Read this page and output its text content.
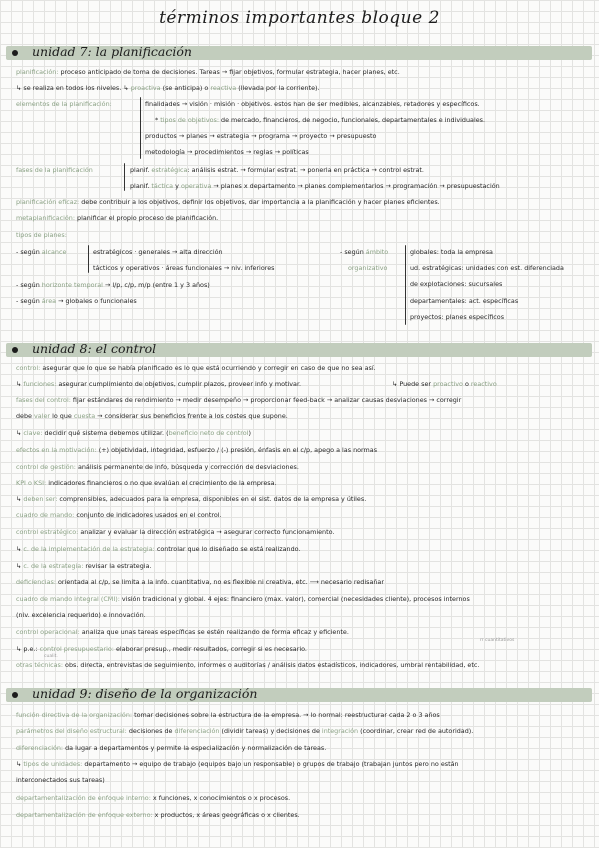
términos importantes bloque 2
unidad 7: la planificación
planificación: proceso anticipado de toma de decisiones. Tareas → fijar objetivos, formular estrategia, hacer planes, etc.
↳ se realiza en todos los niveles. ↳ proactiva (se anticipa) o reactiva (llevada por la corriente).
elementos de la planificación:	finalidades → visión · misión · objetivos. estos han de ser medibles, alcanzables, retadores y específicos.
* tipos de objetivos: de mercado, financieros, de negocio, funcionales, departamentales e individuales.
productos → planes → estrategia → programa → proyecto → presupuesto
metodología → procedimientos → reglas → políticas
fases de la planificación	planif. estratégica: análisis estrat. → formular estrat. → ponerla en práctica → control estrat.
planif. táctica y operativa → planes x departamento → planes complementarios → programación → presupuestación
planificación eficaz: debe contribuir a los objetivos, definir los objetivos, dar importancia a la planificación y hacer planes eficientes.
metaplanificación: planificar el propio proceso de planificación.
tipos de planes:
- según alcance	estratégicos · generales → alta dirección
tácticos y operativos · áreas funcionales → niv. inferiores
- según horizonte temporal → l/p, c/p, m/p (entre 1 y 3 años)
- según área → globales o funcionales
- según ámbito
organizativo
globales: toda la empresa
ud. estratégicas: unidades con est. diferenciada
de explotaciones: sucursales
departamentales: act. específicas
proyectos: planes específicos
unidad 8: el control
control: asegurar que lo que se había planificado es lo que está ocurriendo y corregir en caso de que no sea así.
↳ funciones: asegurar cumplimiento de objetivos, cumplir plazos, proveer info y motivar.	↳ Puede ser proactivo o reactivo
fases del control: fijar estándares de rendimiento → medir desempeño → proporcionar feed-back → analizar causas desviaciones → corregir
debe valer lo que cuesta → considerar sus beneficios frente a los costes que supone.
↳ clave: decidir qué sistema debemos utilizar. (beneficio neto de control)
efectos en la motivación: (+) objetividad, integridad, esfuerzo / (-) presión, énfasis en el c/p, apego a las normas
control de gestión: análisis permanente de info, búsqueda y corrección de desviaciones.
KPI o KSI: indicadores financieros o no que evalúan el crecimiento de la empresa.
↳ deben ser: comprensibles, adecuados para la empresa, disponibles en el sist. datos de la empresa y útiles.
cuadro de mando: conjunto de indicadores usados en el control.
control estratégico: analizar y evaluar la dirección estratégica → asegurar correcto funcionamiento.
↳ c. de la implementación de la estrategia: controlar que lo diseñado se está realizando.
↳ c. de la estrategia: revisar la estrategia.
deficiencias: orientada al c/p, se limita a la info. cuantitativa, no es flexible ni creativa, etc. ⟶ necesario redisañar
cuadro de mando integral (CMI): visión tradicional y global. 4 ejes: financiero (max. valor), comercial (necesidades cliente), procesos internos
(niv. excelencia requerido) e innovación.
control operacional: analiza que unas tareas específicas se estén realizando de forma eficaz y eficiente.
rr cuantitativos
↳ p.e.: control presupuestario: elaborar presup., medir resultados, corregir si es necesario.
cualit.
otras técnicas: obs. directa, entrevistas de seguimiento, informes o auditorías / análisis datos estadísticos, indicadores, umbral rentabilidad, etc.
unidad 9: diseño de la organización
función directiva de la organización: tomar decisiones sobre la estructura de la empresa. → lo normal: reestructurar cada 2 o 3 años
parámetros del diseño estructural: decisiones de diferenciación (dividir tareas) y decisiones de integración (coordinar, crear red de autoridad).
diferenciación: da lugar a departamentos y permite la especialización y normalización de tareas.
↳ tipos de unidades: departamento → equipo de trabajo (equipos bajo un responsable) o grupos de trabajo (trabajan juntos pero no están
interconectados sus tareas)
departamentalización de enfoque interno: x funciones, x conocimientos o x procesos.
departamentalización de enfoque externo: x productos, x áreas geográficas o x clientes.
